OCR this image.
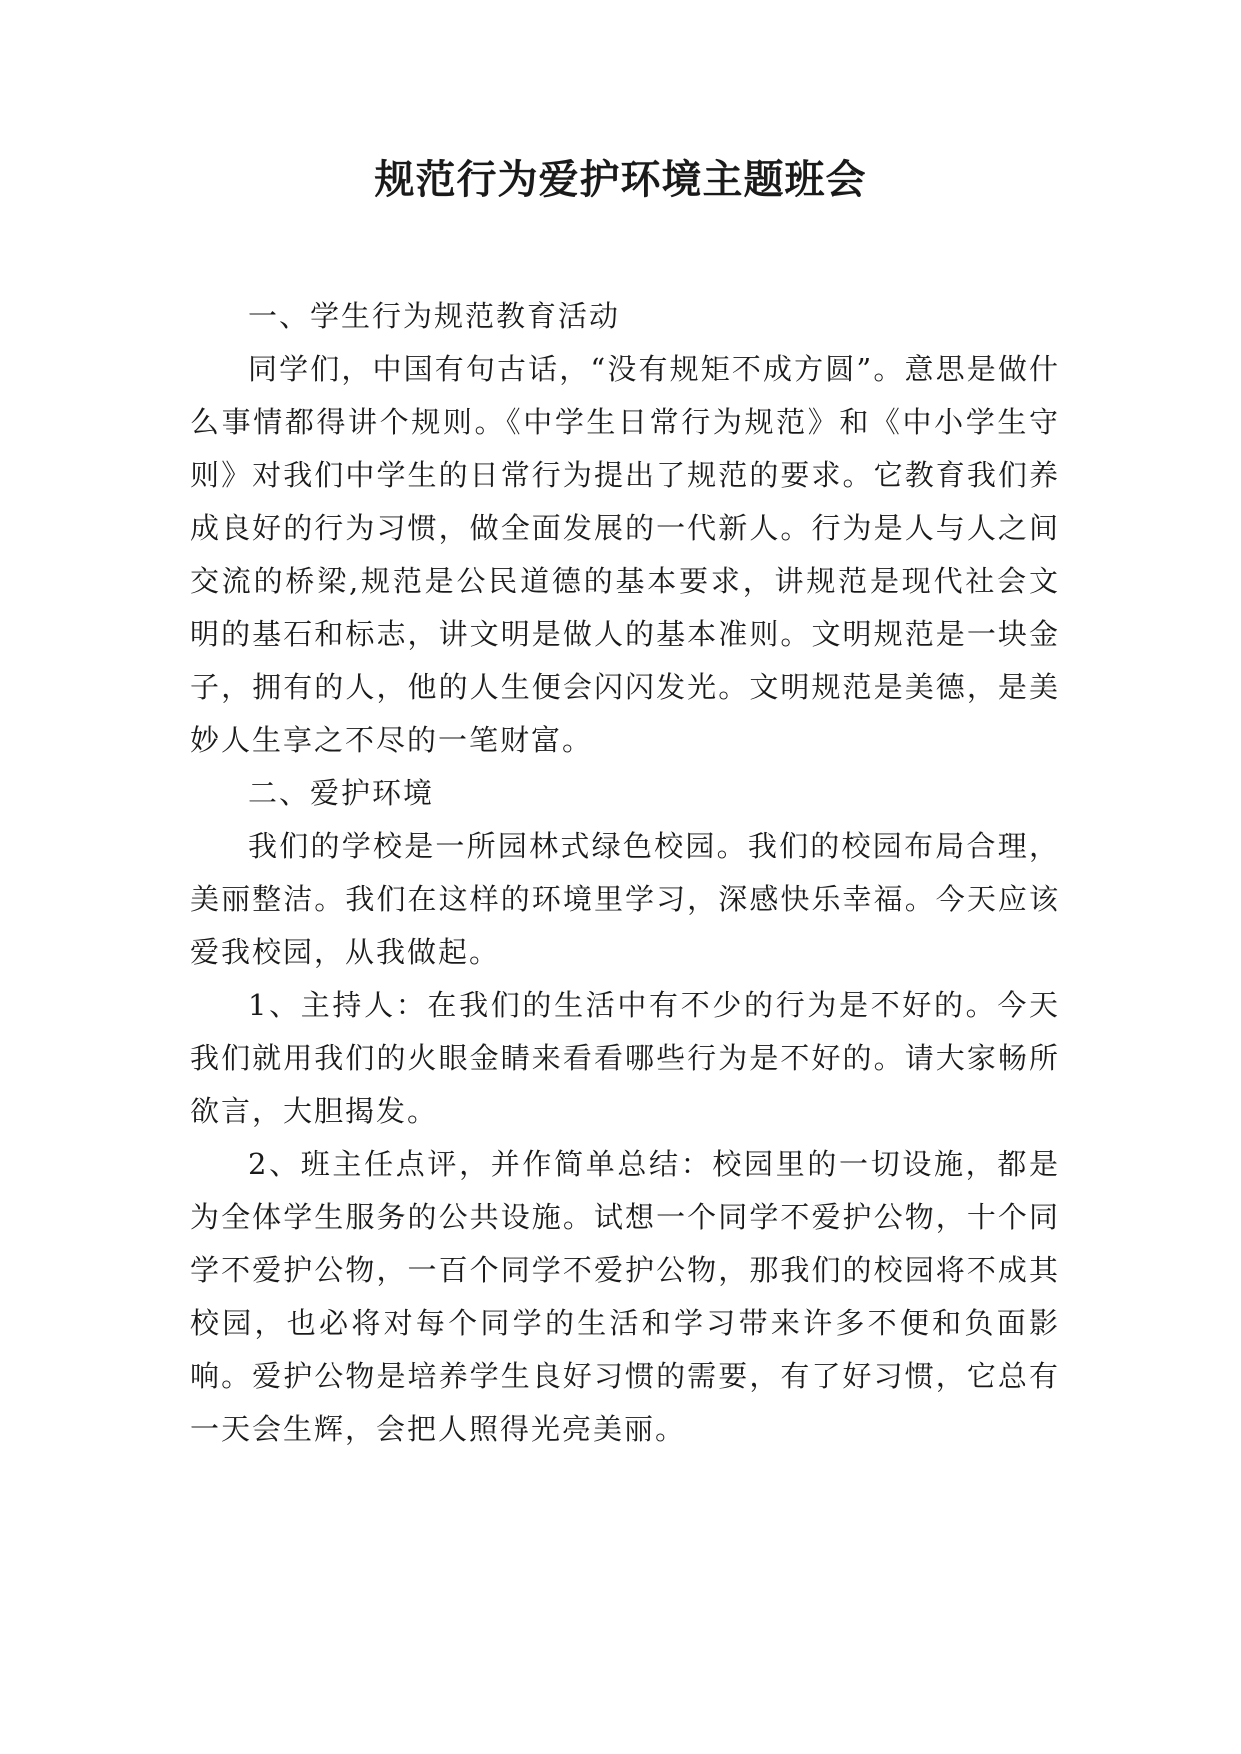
规范行为爱护环境主题班会

一、学生行为规范教育活动

同学们，中国有句古话，“没有规矩不成方圆”。意思是做什么事情都得讲个规则。《中学生日常行为规范》和《中小学生守则》对我们中学生的日常行为提出了规范的要求。它教育我们养成良好的行为习惯，做全面发展的一代新人。行为是人与人之间交流的桥梁,规范是公民道德的基本要求，讲规范是现代社会文明的基石和标志，讲文明是做人的基本准则。文明规范是一块金子，拥有的人，他的人生便会闪闪发光。文明规范是美德，是美妙人生享之不尽的一笔财富。

二、爱护环境

我们的学校是一所园林式绿色校园。我们的校园布局合理，美丽整洁。我们在这样的环境里学习，深感快乐幸福。今天应该爱我校园，从我做起。

1、主持人：在我们的生活中有不少的行为是不好的。今天我们就用我们的火眼金睛来看看哪些行为是不好的。请大家畅所欲言，大胆揭发。

2、班主任点评，并作简单总结：校园里的一切设施，都是为全体学生服务的公共设施。试想一个同学不爱护公物，十个同学不爱护公物，一百个同学不爱护公物，那我们的校园将不成其校园，也必将对每个同学的生活和学习带来许多不便和负面影响。爱护公物是培养学生良好习惯的需要，有了好习惯，它总有一天会生辉，会把人照得光亮美丽。
